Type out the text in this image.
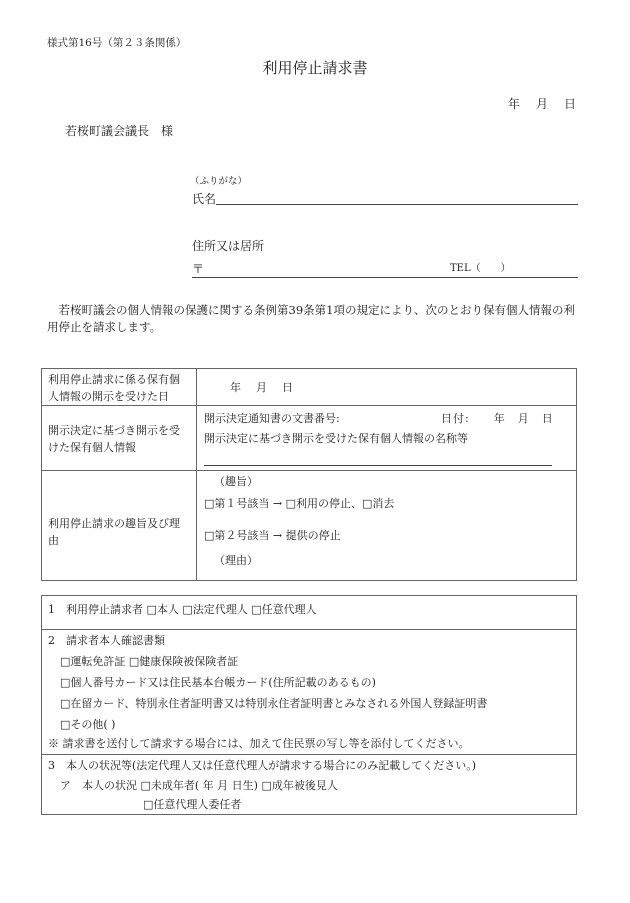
様式第16号（第２３条関係）
利用停止請求書
年　月　日
若桜町議会議長　様
（ふりがな）
氏名
住所又は居所
〒	TEL（　　）
　若桜町議会の個人情報の保護に関する条例第39条第1項の規定により、次のとおり保有個人情報の利用停止を請求します。
利用停止請求に係る保有個人情報の開示を受けた日
年　月　日
開示決定に基づき開示を受けた保有個人情報
開示決定通知書の文書番号:	日付:　　年　月　日
開示決定に基づき開示を受けた保有個人情報の名称等
利用停止請求の趣旨及び理由
（趣旨）
□第１号該当 → □利用の停止、□消去
□第２号該当 → 提供の停止
（理由）
1　利用停止請求者 □本人 □法定代理人 □任意代理人
2　請求者本人確認書類
□運転免許証 □健康保険被保険者証
□個人番号カード又は住民基本台帳カード(住所記載のあるもの)
□在留カード、特別永住者証明書又は特別永住者証明書とみなされる外国人登録証明書
□その他( )
※ 請求書を送付して請求する場合には、加えて住民票の写し等を添付してください。
3　本人の状況等(法定代理人又は任意代理人が請求する場合にのみ記載してください。)
ア　本人の状況 □未成年者( 年 月 日生) □成年被後見人
□任意代理人委任者
